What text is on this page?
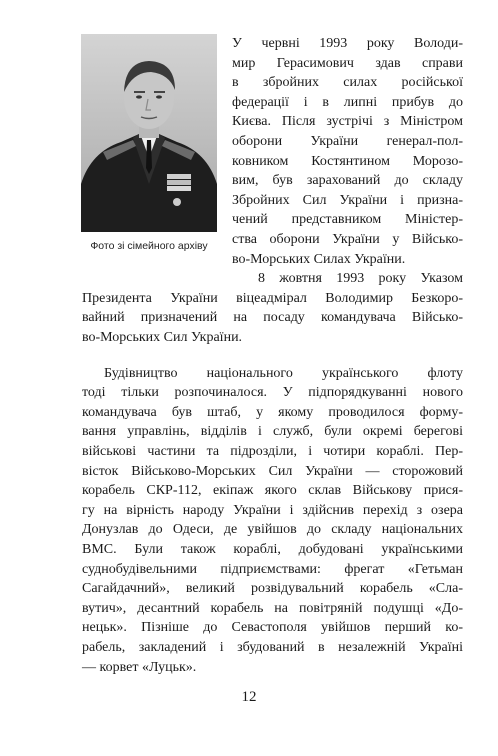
Фото зі сімейного архіву
У червні 1993 року Володи-
мир Герасимович здав справи
в збройних силах російської
федерації і в липні прибув до
Києва. Після зустрічі з Міністром
оборони України генерал-пол-
ковником Костянтином Морозо-
вим, був зарахований до складу
Збройних Сил України і призна-
чений представником Міністер-
ства оборони України у Військо-
во-Морських Силах України.
8 жовтня 1993 року Указом
Президента України віцеадмірал Володимир Безкоро-
вайний призначений на посаду командувача Військо-
во-Морських Сил України.
Будівництво національного українського флоту
тоді тільки розпочиналося. У підпорядкуванні нового
командувача був штаб, у якому проводилося форму-
вання управлінь, відділів і служб, були окремі берегові
військові частини та підрозділи, і чотири кораблі. Пер-
вісток Військово-Морських Сил України — сторожовий
корабель СКР-112, екіпаж якого склав Військову прися-
гу на вірність народу України і здійснив перехід з озера
Донузлав до Одеси, де увійшов до складу національних
ВМС. Були також кораблі, добудовані українськими
суднобудівельними підприємствами: фрегат «Гетьман
Сагайдачний», великий розвідувальний корабель «Сла-
вутич», десантний корабель на повітряній подушці «До-
нецьк». Пізніше до Севастополя увійшов перший ко-
рабель, закладений і збудований в незалежній Україні
— корвет «Луцьк».
12
